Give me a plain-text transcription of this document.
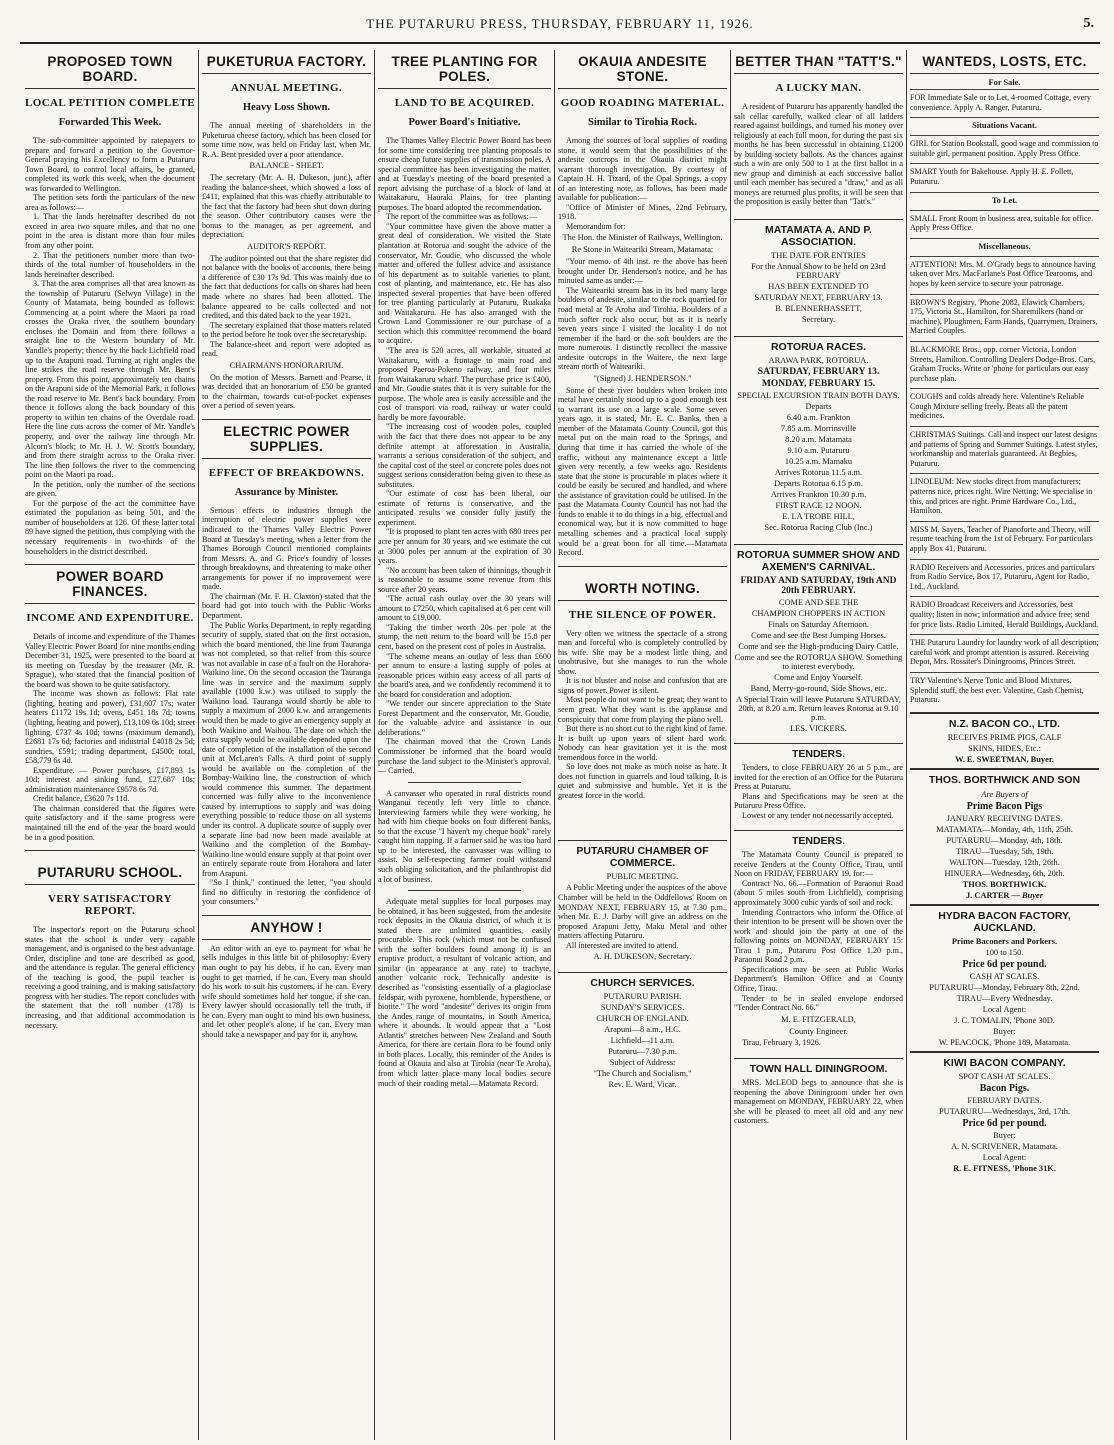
THE PUTARURU PRESS, THURSDAY, FEBRUARY 11, 1926.	5.
PROPOSED TOWN BOARD.
LOCAL PETITION COMPLETE
Forwarded This Week.

The sub-committee appointed by ratepayers to prepare and forward a petition to the Governor-General praying his Excellency to form a Putaruru Town Board, to control local affairs, be granted, completed its work this week, when the document was forwarded to Wellington.

The petition sets forth the particulars of the new area as follows:—

1. That the lands hereinafter described do not exceed in area two square miles, and that no one point in the area is distant more than four miles from any other point.

2. That the petitioners number more than two-thirds of the total number of householders in the lands hereinafter described.

3. That the area comprises all that area known as the township of Putaruru (Selwyn Village) in the County of Matamata, being bounded as follows: Commencing at a point where the Maori pa road crosses the Oraka river, the southern boundary encloses the Domain and from there follows a straight line to the Western boundary of Mr. Yandle's property; thence by the back Lichfield road up to the Arapuni road. Turning at right angles the line strikes the road reserve through Mr. Bent's property. From this point, approximately ten chains on the Arapuni side of the Memorial Park, it follows the road reserve to Mr. Bent's back boundary. From thence it follows along the back boundary of this property to within ten chains of the Overdale road. Here the line cuts across the corner of Mr. Yandle's property, and over the railway line through Mr. Alcorn's block; to Mr. H. J. W. Scott's boundary, and from there straight across to the Oraka river. The line then follows the river to the commencing point on the Maori pa road.

In the petition, only the number of the sections are given.

For the purpose of the act the committee have estimated the population as being 501, and the number of householders at 126. Of these latter total 89 have signed the petition, thus complying with the necessary requirements in two-thirds of the householders in the district described.

POWER BOARD FINANCES.
INCOME AND EXPENDITURE.

Details of income and expenditure of the Thames Valley Electric Power Board for nine months ending December 31, 1925, were presented to the board at its meeting on Tuesday by the treasurer (Mr. R. Sprague), who stated that the financial position of the board was shown to be quite satisfactory.

The income was shown as follows: Flat rate (lighting, heating and power), £31,607 17s; water heaters £1172 19s 1d; ovens, £451 18s 7d; towns (lighting, heating and power), £13,109 6s 10d; street lighting, £737 4s 10d; towns (maximum demand), £2681 17s 6d; factories and industrial £4018 2s 5d; sundries, £591; trading department, £4500; total, £58,779 6s 4d.

Expenditure. — Power purchases, £17,893 1s 10d; interest and sinking fund, £27,687 10s; administration maintenance £9578 6s 7d.

Credit balance, £3620 7s 11d.

The chairman considered that the figures were quite satisfactory and if the same progress were maintained till the end of the year the board would be in a good position.

PUTARURU SCHOOL.
VERY SATISFACTORY REPORT.

The inspector's report on the Putaruru school states that the school is under very capable management, and is organised to the best advantage. Order, discipline and tone are described as good, and the attendance is regular. The general efficiency of the teaching is good, the pupil teacher is receiving a good training, and is making satisfactory progress with her studies. The report concludes with the statement that the roll number (178) is increasing, and that additional accommodation is necessary.

PUKETURUA FACTORY.
ANNUAL MEETING.
Heavy Loss Shown.

The annual meeting of shareholders in the Puketurua cheese factory, which has been closed for some time now, was held on Friday last, when Mr. R. A. Bent presided over a poor attendance.

BALANCE - SHEET.

The secretary (Mr. A. H. Dukeson, junr.), after reading the balance-sheet, which showed a loss of £411, explained that this was chiefly attributable to the fact that the factory had been shut down during the season. Other contributory causes were the bonus to the manager, as per agreement, and depreciation.

AUDITOR'S REPORT.

The auditor pointed out that the share register did not balance with the books of accounts, there being a difference of £30 17s 9d. This was mainly due to the fact that deductions for calls on shares had been made where no shares had been allotted. The balance appeared to be calls collected and not credited, and this dated back to the year 1921.

The secretary explained that those matters related to the period before he took over the secretaryship.

The balance-sheet and report were adopted as read.

CHAIRMAN'S HONORARIUM.

On the motion of Messrs. Barnett and Pearse, it was decided that an honorarium of £50 be granted to the chairman, towards cut-of-pocket expenses over a period of seven years.

ELECTRIC POWER SUPPLIES.
EFFECT OF BREAKDOWNS.
Assurance by Minister.

Serious effects to industries through the interruption of electric power supplies were indicated to the Thames Valley Electric Power Board at Tuesday's meeting, when a letter from the Thames Borough Council mentioned complaints from Messrs. A. and G. Price's foundry of losses through breakdowns, and threatening to make other arrangements for power if no improvement were made.

The chairman (Mr. F. H. Claxton) stated that the board had got into touch with the Public Works Department.

The Public Works Department, in reply regarding security of supply, stated that on the first occasion, which the board mentioned, the line from Tauranga was not completed, so that relief from this source was not available in case of a fault on the Horahora-Waikino line. On the second occasion the Tauranga line was in service and the maximum supply available (1000 k.w.) was utilised to supply the Waikino load. Tauranga would shortly be able to supply a maximum of 2000 k.w. and arrangements would then be made to give an emergency supply at both Waikino and Waihou. The date on which the extra supply would be available depended upon the date of completion of the installation of the second unit at McLaren's Falls. A third point of supply would be available on the completion of the Bombay-Waikino line, the construction of which would commence this summer. The department concerned was fully alive to the inconvenience caused by interruptions to supply and was doing everything possible to reduce those on all systems under its control. A duplicate source of supply over a separate line had now been made available at Waikino and the completion of the Bombay-Waikino line would ensure supply at that point over an entirely separate route from Horahora and later from Arapuni.

"So I think," continued the letter, "you should find no difficulty in restoring the confidence of your consumers."

ANYHOW !

An editor with an eye to payment for what he sells indulges in this little bit of philosophy: Every man ought to pay his debts, if he can. Every man ought to get married, if he can. Every man should do his work to suit his customers, if he can. Every wife should sometimes hold her tongue, if she can. Every lawyer should occasionally tell the truth, if he can. Every man ought to mind his own business, and let other people's alone, if he can. Every man should take a newspaper and pay for it, anyhow.

TREE PLANTING FOR POLES.
LAND TO BE ACQUIRED.
Power Board's Initiative.

The Thames Valley Electric Power Board has been for some time considering tree planting proposals to ensure cheap future supplies of transmission poles. A special committee has been investigating the matter, and at Tuesday's meeting of the board presented a report advising the purchase of a block of land at Waitakaruru, Hauraki Plains, for tree planting purposes. The board adopted the recommendation.

The report of the committee was as follows:—

"Your committee have given the above matter a great deal of consideration. We visited the State plantation at Rotorua and sought the advice of the conservator, Mr. Goudie, who discussed the whole matter and offered the fullest advice and assistance of his department as to suitable varieties to plant, cost of planting, and maintenance, etc. He has also inspected several properties that have been offered for tree planting particularly at Putaruru, Ruakaka and Waitakaruru. He has also arranged with the Crown Land Commissioner re our purchase of a section which this committee recommend the board to acquire.

"The area is 520 acres, all workable, situated at Waitakaruru, with a frontage to main road and proposed Paeroa-Pokeno railway, and four miles from Waitakaruru wharf. The purchase price is £400, and Mr. Goudie states that it is very suitable for the purpose. The whole area is easily accessible and the cost of transport via road, railway or water could hardly be more favourable.

"The increasing cost of wooden poles, coupled with the fact that there does not appear to be any definite attempt at afforestation in Australia, warrants a serious consideration of the subject, and the capital cost of the steel or concrete poles does not suggest serious consideration being given to these as substitutes.

"Our estimate of cost has been liberal, our estimate of returns is conservative, and the anticipated results we consider fully justify the experiment.

"It is proposed to plant ten acres with 680 trees per acre per annum for 30 years, and we estimate the cut at 3000 poles per annum at the expiration of 30 years.

"No account has been taken of thinnings, though it is reasonable to assume some revenue from this source after 20 years.

"The actual cash outlay over the 30 years will amount to £7250, which capitalised at 6 per cent will amount to £19,000.

"Taking the timber worth 20s per pole at the stump, the nett return to the board will be 15.8 per cent, based on the present cost of poles in Australia.

"The scheme means an outlay of less than £600 per annum to ensure a lasting supply of poles at reasonable prices within easy access of all parts of the board's area, and we confidently recommend it to the board for consideration and adoption.

"We tender our sincere appreciation to the State Forest Department and the conservator, Mr. Goudie, for the valuable advice and assistance in our deliberations."

The chairman moved that the Crown Lands Commissioner be informed that the board would purchase the land subject to the Minister's approval. — Carried.

A canvasser who operated in rural districts round Wanganui recently left very little to chance. Interviewing farmers while they were working, he had with him cheque books on four different banks, so that the excuse "I haven't my cheque book" rarely caught him napping. If a farmer said he was too hard up to be interested, the canvasser was willing to assist. No self-respecting farmer could withstand such obliging solicitation, and the philanthropist did a lot of business.

Adequate metal supplies for local purposes may be obtained, it has been suggested, from the andesite rock deposits in the Okauia district, of which it is stated there are unlimited quantities, easily procurable. This rock (which must not be confused with the softer boulders found among it) is an eruptive product, a resultant of volcanic action, and similar (in appearance at any rate) to trachyte, another volcanic rock. Technically andesite is described as "consisting essentially of a plagioclase feldspar, with pyroxene, hornblende, hypersthene, or biotite." The word "andesite" derives its origin from the Andes range of mountains, in South America, where it abounds. It would appear that a "Lost Atlantis" stretches between New Zealand and South America, for there are certain flora to be found only in both places. Locally, this reminder of the Andes is found at Okauia and also at Tirohia (near Te Aroha), from which latter place many local bodies secure much of their roading metal.—Matamata Record.

OKAUIA ANDESITE STONE.
GOOD ROADING MATERIAL.
Similar to Tirohia Rock.

Among the sources of local supplies of roading stone, it would seem that the possibilities of the andesite outcrops in the Okauia district might warrant thorough investigation. By courtesy of Captain H. H. Tizard, of the Opal Springs, a copy of an interesting note, as follows, has been made available for publication:—

"Office of Minister of Mines, 22nd February, 1918.

Memorandum for:

The Hon. the Minister of Railways, Wellington.
Re Stone in Waiteariki Stream, Matamata:

"Your memo. of 4th inst. re the above has been brought under Dr. Henderson's notice, and he has minuted same as under:—

The Waiteariki stream has in its bed many large boulders of andesite, similar to the rock quarried for road metal at Te Aroha and Tirohia. Boulders of a much softer rock also occur, but as it is nearly seven years since I visited the locality I do not remember if the hard or the soft boulders are the more numerous. I distinctly recollect the massive andesite outcrops in the Waitere, the next large stream north of Waiteariki.

"(Signed) J. HENDERSON."

Some of these river boulders when broken into metal have certainly stood up to a good enough test to warrant its use on a large scale. Some seven years ago, it is stated, Mr. E. C. Banks, then a member of the Matamata County Council, got this metal put on the main road to the Springs, and during that time it has carried the whole of the traffic, without any maintenance except a little given very recently, a few weeks ago. Residents state that the stone is procurable in places where it could be easily be secured and handled, and where the assistance of gravitation could be utilised. In the past the Matamata County Council has not had the funds to enable it to do things in a big, effectual and economical way, but it is now committed to huge metalling schemes and a practical local supply would be a great boon for all time.—Matamata Record.

WORTH NOTING.
THE SILENCE OF POWER.

Very often we witness the spectacle of a strong man and forceful who is completely controlled by his wife. She may be a modest little thing, and unobtrusive, but she manages to run the whole show.

It is not bluster and noise and confusion that are signs of power. Power is silent.

Most people do not want to be great; they want to seem great. What they want is the applause and conspicuity that come from playing the piano well.

But there is no short cut to the right kind of fame. It is built up upon years of silent hard work. Nobody can hear gravitation yet it is the most tremendous force in the world.

So love does not make as much noise as hate. It does not function in quarrels and loud talking. It is quiet and submissive and humble. Yet it is the greatest force in the world.

PUTARURU CHAMBER OF COMMERCE.
PUBLIC MEETING.

A Public Meeting under the auspices of the above Chamber will be held in the Oddfellows' Room on MONDAY NEXT, FEBRUARY 15, at 7.30 p.m., when Mr. E. J. Darby will give an address on the proposed Arapuni Jetty, Maku Metal and other matters affecting Putaruru.

All interested are invited to attend.

A. H. DUKESON, Secretary.
CHURCH SERVICES.
PUTARURU PARISH.
SUNDAY'S SERVICES.
CHURCH OF ENGLAND.
Arapuni—8 a.m., H.C.
Lichfield—11 a.m.
Putaruru—7.30 p.m.
Subject of Address:
"The Church and Socialism."
Rev. E. Ward, Vicar.
BETTER THAN "TATT'S."
A LUCKY MAN.

A resident of Putaruru has apparently handled the salt cellar carefully, walked clear of all ladders reared against buildings, and turned his money over religiously at each full moon, for during the past six months he has been successful in obtaining £1200 by building society ballots. As the chances against such a win are only 500 to 1 at the first ballot in a new group and diminish at each successive ballot until each member has secured a "draw," and as all moneys are returned plus profits, it will be seen that the proposition is easily better than "Tatt's."

MATAMATA A. AND P. ASSOCIATION.
THE DATE FOR ENTRIES
For the Annual Show to be held on 23rd FEBRUARY
HAS BEEN EXTENDED TO
SATURDAY NEXT, FEBRUARY 13.
B. BLENNERHASSETT,
Secretary.
ROTORUA RACES.
ARAWA PARK, ROTORUA.
SATURDAY, FEBRUARY 13.
MONDAY, FEBRUARY 15.
SPECIAL EXCURSION TRAIN BOTH DAYS.
Departs
6.40 a.m. Frankton
7.85 a.m. Morrinsville
8.20 a.m. Matamata
9.10 a.m. Putaruru
10.25 a.m. Mamaku
Arrives Rotorua 11.5 a.m.
Departs Rotorua 6.15 p.m.
Arrives Frankton 10.30 p.m.
FIRST RACE 12 NOON.
E. LA TROBE HILL,
Sec. Rotorua Racing Club (Inc.)
ROTORUA SUMMER SHOW AND AXEMEN'S CARNIVAL.
FRIDAY AND SATURDAY, 19th AND 20th FEBRUARY.
COME AND SEE THE
CHAMPION CHOPPERS IN ACTION
Finals on Saturday Afternoon.
Come and see the Best Jumping Horses.
Come and see the High-producing Dairy Cattle.
Come and see the ROTORUA SHOW. Something to interest everybody.
Come and Enjoy Yourself.
Band, Merry-go-round, Side Shows, etc.
A Special Train will leave Putaruru SATURDAY, 20th, at 8.20 a.m. Return leaves Rotorua at 9.10 p.m.
LES. VICKERS.
TENDERS.

Tenders, to close FEBRUARY 26 at 5 p.m., are invited for the erection of an Office for the Putaruru Press at Putaruru.

Plans and Specifications may be seen at the Putaruru Press Office.

Lowest or any tender not necessarily accepted.

TENDERS.

The Matamata County Council is prepared to receive Tenders at the County Office, Tirau, until Noon on FRIDAY, FEBRUARY 19, for:—

Contract No. 66.—Formation of Paraonui Road (about 5 miles south from Lichfield), comprising approximately 3000 cubic yards of soil and rock.

Intending Contractors who inform the Office of their intention to be present will be shown over the work and should join the party at one of the following points on MONDAY, FEBRUARY 15: Tirau 1 p.m., Putaruru Post Office 1.20 p.m., Paraonui Road 2 p.m.

Specifications may be seen at Public Works Department's Hamilton Office and at County Office, Tirau.

Tender to be in sealed envelope endorsed "Tender Contract No. 66."

M. E. FITZGERALD,
County Engineer.

Tirau, February 3, 1926.

TOWN HALL DININGROOM.

MRS. McLEOD begs to announce that she is reopening the above Diningroom under her own management on MONDAY, FEBRUARY 22, when she will be pleased to meet all old and any new customers.

WANTEDS, LOSTS, ETC.
For Sale.

FOR Immediate Sale or to Let, 4-roomed Cottage, every convenience. Apply A. Ranger, Putaruru.

Situations Vacant.

GIRL for Station Bookstall, good wage and commission to suitable girl, permanent position. Apply Press Office.

SMART Youth for Bakehouse. Apply H. E. Follett, Putaruru.

To Let.

SMALL Front Room in business area, suitable for office. Apply Press Office.

Miscellaneous.

ATTENTION! Mrs. M. O'Grady begs to announce having taken over Mrs. MacFarlane's Post Office Tearooms, and hopes by keen service to secure your patronage.

BROWN'S Registry, 'Phone 2082, Elawick Chambers, 175, Victoria St., Hamilton, for Sharemilkers (hand or machine), Ploughmen, Farm Hands, Quarrymen, Drainers, Married Couples.

BLACKMORE Bros., opp. corner Victoria, London Streets, Hamilton. Controlling Dealers Dodge-Bros. Cars, Graham Trucks. Write or 'phone for particulars our easy purchase plan.

COUGHS and colds already here. Valentine's Reliable Cough Mixture selling freely. Beats all the patent medicines.

CHRISTMAS Suitings. Call and inspect our latest designs and patterns of Spring and Summer Suitings. Latest styles, workmanship and materials guaranteed. At Begbies, Putaruru.

LINOLEUM: New stocks direct from manufacturers; patterns nice, prices right. Wire Netting: We specialise in this, and prices are right. Prime Hardware Co., Ltd., Hamilton.

MISS M. Sayers, Teacher of Pianoforte and Theory, will resume teaching from the 1st of February. For particulars apply Box 41, Putaruru.

RADIO Receivers and Accessories, prices and particulars from Radio Service, Box 17, Putaruru, Agent for Radio, Ltd., Auckland.

RADIO Broadcast Receivers and Accessories, best quality; listen in now; information and advice free; send for price lists. Radio Limited, Herald Buildings, Auckland.

THE Putaruru Laundry for laundry work of all description; careful work and prompt attention is assured. Receiving Depot, Mrs. Rossiter's Diningrooms, Princes Street.

TRY Valentine's Nerve Tonic and Blood Mixtures. Splendid stuff, the best ever. Valentine, Cash Chemist, Putaruru.

N.Z. BACON CO., LTD.
RECEIVES PRIME PIGS, CALF
SKINS, HIDES, Etc.:
W. E. SWEETMAN, Buyer.
THOS. BORTHWICK AND SON
Are Buyers of
Prime Bacon Pigs
JANUARY RECEIVING DATES.
MATAMATA—Monday, 4th, 11th, 25th.
PUTARURU—Monday, 4th, 18th.
TIRAU—Tuesday, 5th, 19th.
WALTON—Tuesday, 12th, 26th.
HINUERA—Wednesday, 6th, 20th.
THOS. BORTHWICK.
J. CARTER — Buyer
HYDRA BACON FACTORY, AUCKLAND.
Prime Baconers and Porkers.
100 to 150.
Price 6d per pound.
CASH AT SCALES.
PUTARURU—Monday, February 8th, 22nd.
TIRAU—Every Wednesday.
Local Agent:
J. C. TOMALIN, 'Phone 30D.
Buyer:
W. PEACOCK, 'Phone 189, Matamata.
KIWI BACON COMPANY.
SPOT CASH AT SCALES.
Bacon Pigs.
FEBRUARY DATES.
PUTARURU—Wednesdays, 3rd, 17th.
Price 6d per pound.
Buyer:
A. N. SCRIVENER, Matamata.
Local Agent:
R. E. FITNESS, 'Phone 31K.
